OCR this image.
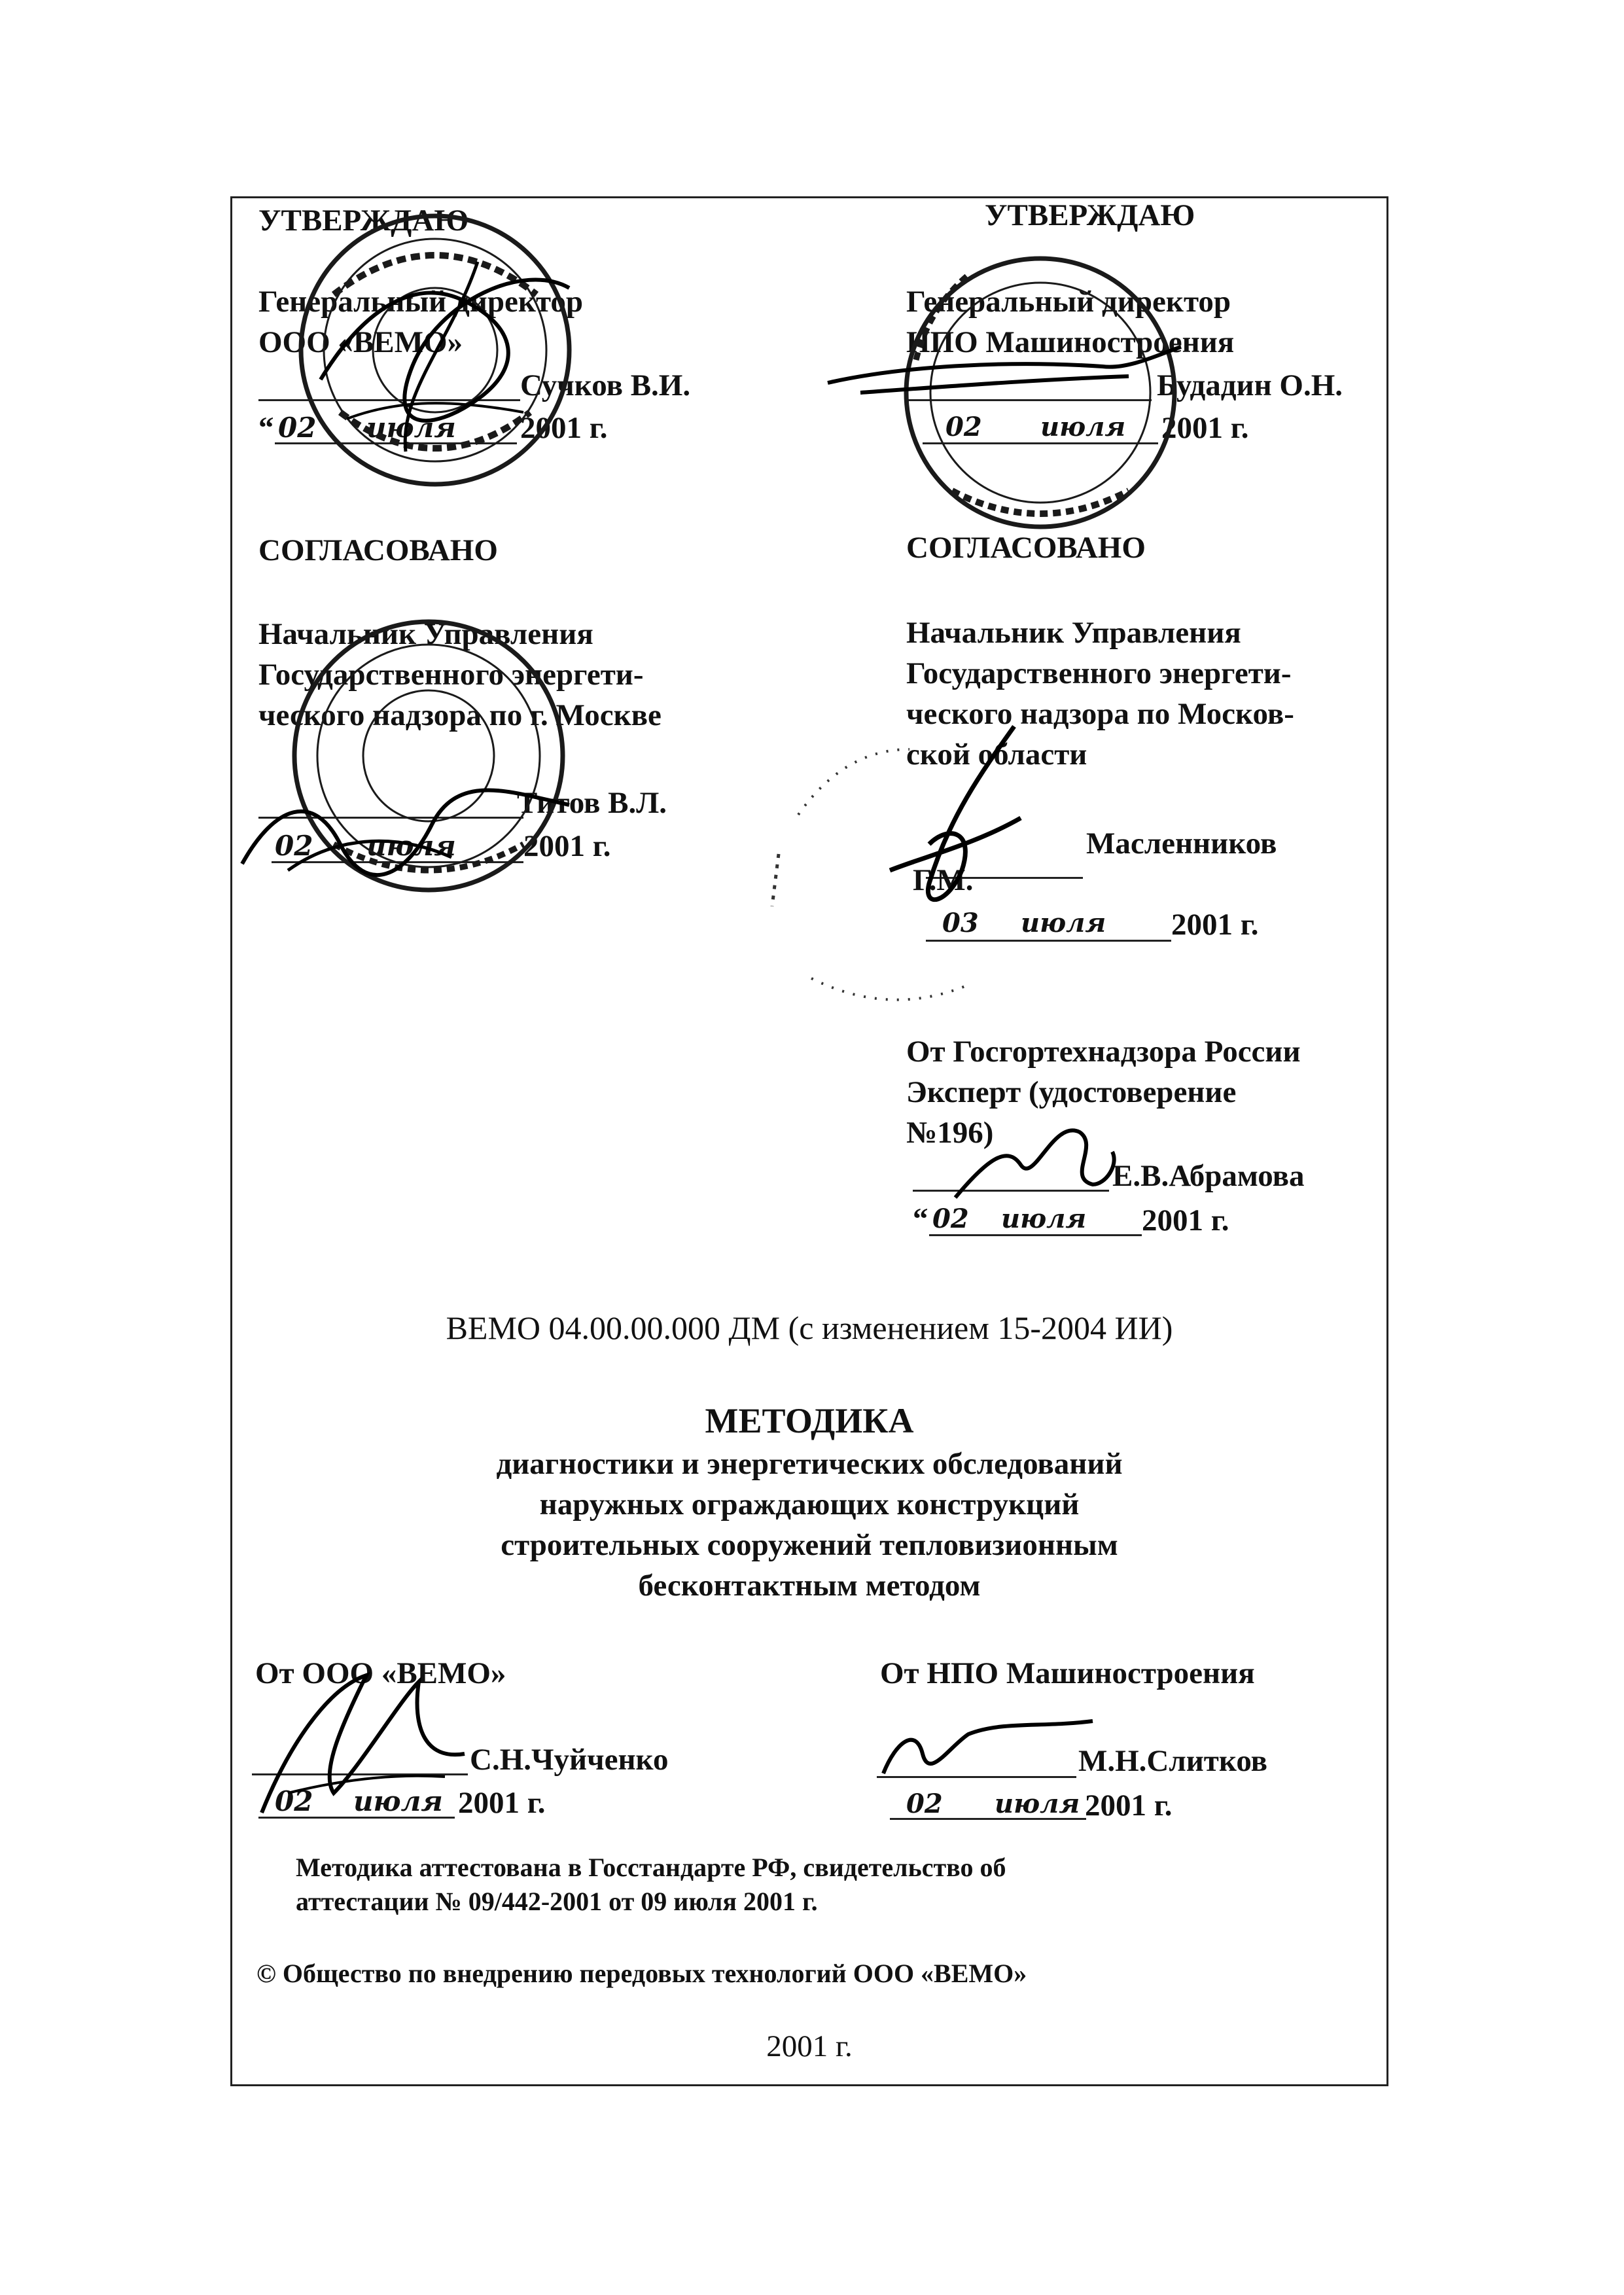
УТВЕРЖДАЮ
Генеральный директор
ООО «ВЕМО»
Сучков В.И.
“ 02 июля 2001 г.
УТВЕРЖДАЮ
Генеральный директор
НПО Машиностроения
Будадин О.Н.
02 июля 2001 г.
СОГЛАСОВАНО
Начальник Управления
Государственного энергети-
ческого надзора по г. Москве
Титов В.Л.
02 июля 2001 г.
СОГЛАСОВАНО
Начальник Управления
Государственного энергети-
ческого надзора по Москов-
ской области
Масленников
Г.М.
03 июля 2001 г.
От Госгортехнадзора России
Эксперт (удостоверение
№196)
Е.В.Абрамова
“ 02 июля 2001 г.
ВЕМО 04.00.00.000 ДМ (с изменением 15-2004 ИИ)
МЕТОДИКА
диагностики и энергетических обследований
наружных ограждающих конструкций
строительных сооружений тепловизионным
бесконтактным методом
От ООО «ВЕМО»
С.Н.Чуйченко
02 июля 2001 г.
От НПО Машиностроения
М.Н.Слитков
02 июля 2001 г.
Методика аттестована в Госстандарте РФ, свидетельство об
аттестации № 09/442-2001 от 09 июля 2001 г.
© Общество по внедрению передовых технологий ООО «ВЕМО»
2001 г.
